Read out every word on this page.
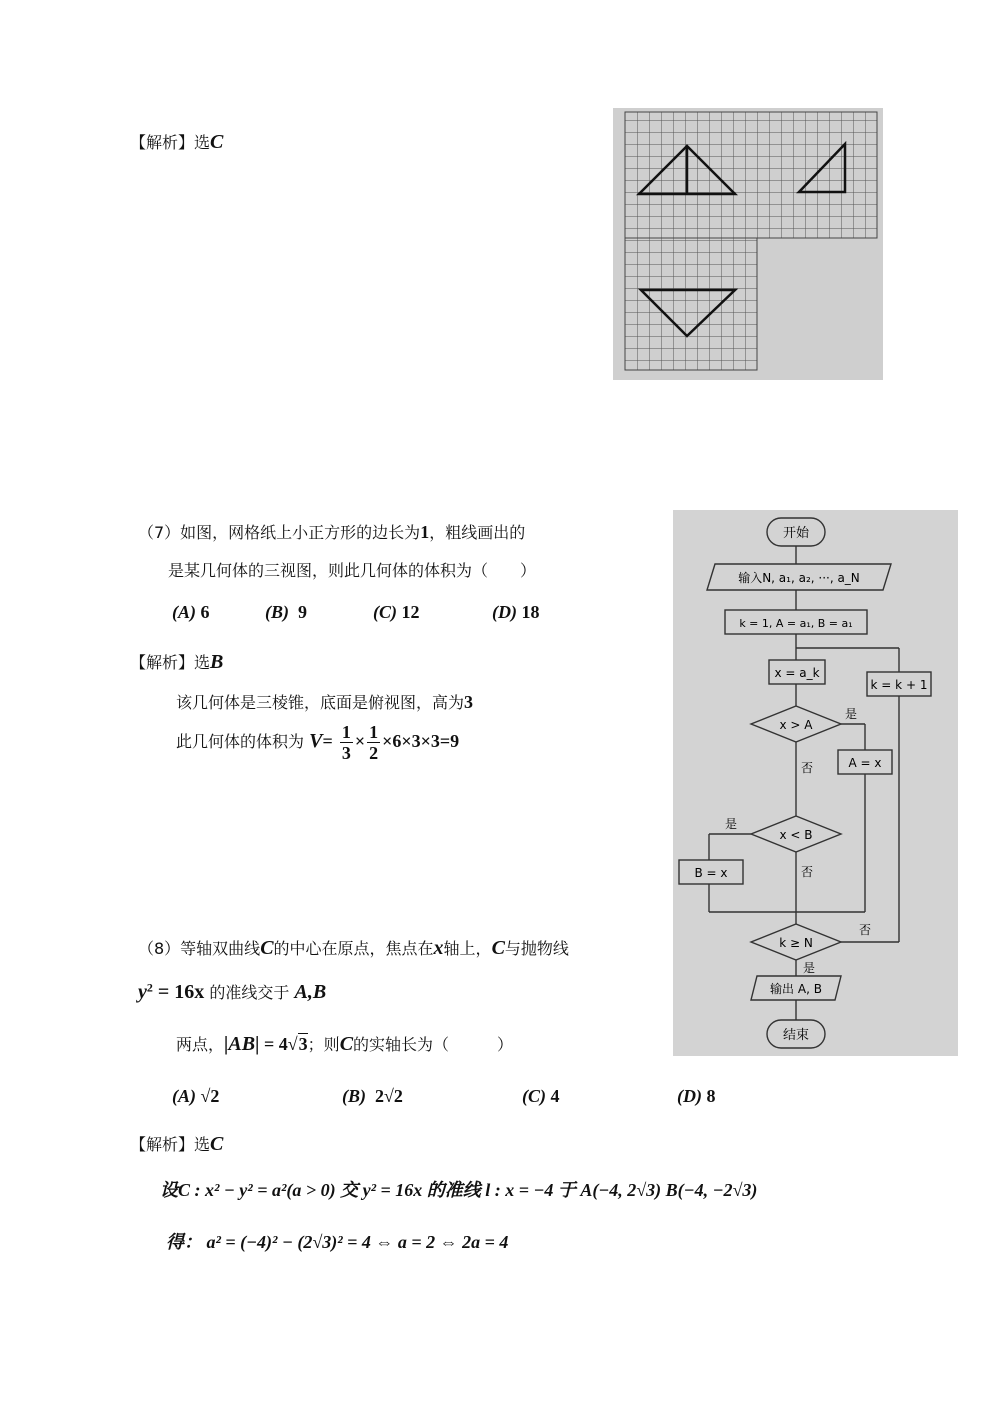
【解析】选C
（7）如图，网格纸上小正方形的边长为1，粗线画出的
是某几何体的三视图，则此几何体的体积为（　　）
(A) 6	(B) 9	(C) 12	(D) 18
【解析】选B
该几何体是三棱锥，底面是俯视图，高为3
此几何体的体积为 $V= \frac{1}{3} \times \frac{1}{2} \times 6\times 3\times 3=9$
开始
输入N, a₁, a₂, ···, a_N
k = 1, A = a₁, B = a₁
x = a_k
x > A
是
A = x
否
x < B
是
B = x	否
k ≥ N
否
k = k + 1
是
输出 A, B
结束
（8）等轴双曲线C的中心在原点，焦点在x轴上，C与抛物线
$y^2 = 16x$ 的准线交于 A,B
两点，|AB| = 4√3；则C的实轴长为（　　　）
(A) √2	(B) 2√2	(C) 4	(D) 8
【解析】选C
设C : x² − y² = a²(a > 0) 交 y² = 16x 的准线 l : x = −4 于 A(−4, 2√3) B(−4, −2√3)
得： a² = (−4)² − (2√3)² = 4 ⇔ a = 2 ⇔ 2a = 4
